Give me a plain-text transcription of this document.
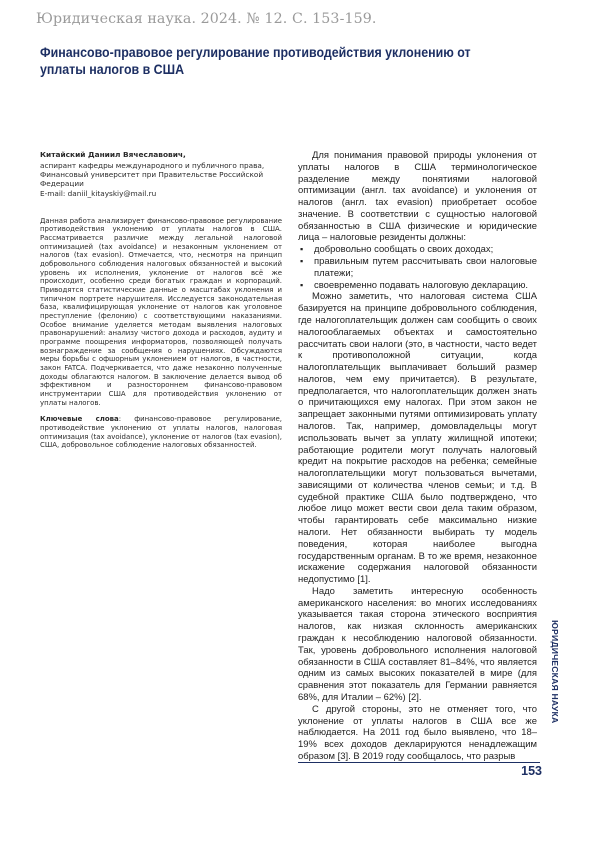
Юридическая наука. 2024. № 12. С. 153-159.
Финансово-правовое регулирование противодействия уклонению от уплаты налогов в США
Китайский Даниил Вячеславович,
аспирант кафедры международного и публичного права, Финансовый университет при Правительстве Российской Федерации
E-mail: daniil_kitayskiy@mail.ru
Данная работа анализирует финансово-правовое регулирование противодействия уклонению от уплаты налогов в США. Рассматривается различие между легальной налоговой оптимизацией (tax avoidance) и незаконным уклонением от налогов (tax evasion). Отмечается, что, несмотря на принцип добровольного соблюдения налоговых обязанностей и высокий уровень их исполнения, уклонение от налогов всё же происходит, особенно среди богатых граждан и корпораций. Приводятся статистические данные о масштабах уклонения и типичном портрете нарушителя. Исследуется законодательная база, квалифицирующая уклонение от налогов как уголовное преступление (фелонию) с соответствующими наказаниями. Особое внимание уделяется методам выявления налоговых правонарушений: анализу чистого дохода и расходов, аудиту и программе поощрения информаторов, позволяющей получать вознаграждение за сообщения о нарушениях. Обсуждаются меры борьбы с офшорным уклонением от налогов, в частности, закон FATCA. Подчеркивается, что даже незаконно полученные доходы облагаются налогом. В заключение делается вывод об эффективном и разностороннем финансово-правовом инструментарии США для противодействия уклонению от уплаты налогов.
Ключевые слова: финансово-правовое регулирование, противодействие уклонению от уплаты налогов, налоговая оптимизация (tax avoidance), уклонение от налогов (tax evasion), США, добровольное соблюдение налоговых обязанностей.

Для понимания правовой природы уклонения от уплаты налогов в США терминологическое разделение между понятиями налоговой оптимизации (англ. tax avoidance) и уклонения от налогов (англ. tax evasion) приобретает особое значение. В соответствии с сущностью налоговой обязанностью в США физические и юридические лица – налоговые резиденты должны:

▪ добровольно сообщать о своих доходах;
▪ правильным путем рассчитывать свои налоговые платежи;
▪ своевременно подавать налоговую декларацию.

Можно заметить, что налоговая система США базируется на принципе добровольного соблюдения, где налогоплательщик должен сам сообщить о своих налогооблагаемых объектах и самостоятельно рассчитать свои налоги (это, в частности, часто ведет к противоположной ситуации, когда налогоплательщик выплачивает больший размер налогов, чем ему причитается). В результате, предполагается, что налогоплательщик должен знать о причитающихся ему налогах. При этом закон не запрещает законными путями оптимизировать уплату налогов. Так, например, домовладельцы могут использовать вычет за уплату жилищной ипотеки; работающие родители могут получать налоговый кредит на покрытие расходов на ребенка; семейные налогоплательщики могут пользоваться вычетами, зависящими от количества членов семьи; и т.д. В судебной практике США было подтверждено, что любое лицо может вести свои дела таким образом, чтобы гарантировать себе максимально низкие налоги. Нет обязанности выбирать ту модель поведения, которая наиболее выгодна государственным органам. В то же время, незаконное искажение содержания налоговой обязанности недопустимо [1].

Надо заметить интересную особенность американского населения: во многих исследованиях указывается такая сторона этического восприятия налогов, как низкая склонность американских граждан к несоблюдению налоговой обязанности. Так, уровень добровольного исполнения налоговой обязанности в США составляет 81–84%, что является одним из самых высоких показателей в мире (для сравнения этот показатель для Германии равняется 68%, для Италии – 62%) [2].

С другой стороны, это не отменяет того, что уклонение от уплаты налогов в США все же наблюдается. На 2011 год было выявлено, что 18–19% всех доходов декларируются ненадлежащим образом [3]. В 2019 году сообщалось, что разрыв

ЮРИДИЧЕСКАЯ НАУКА
153
